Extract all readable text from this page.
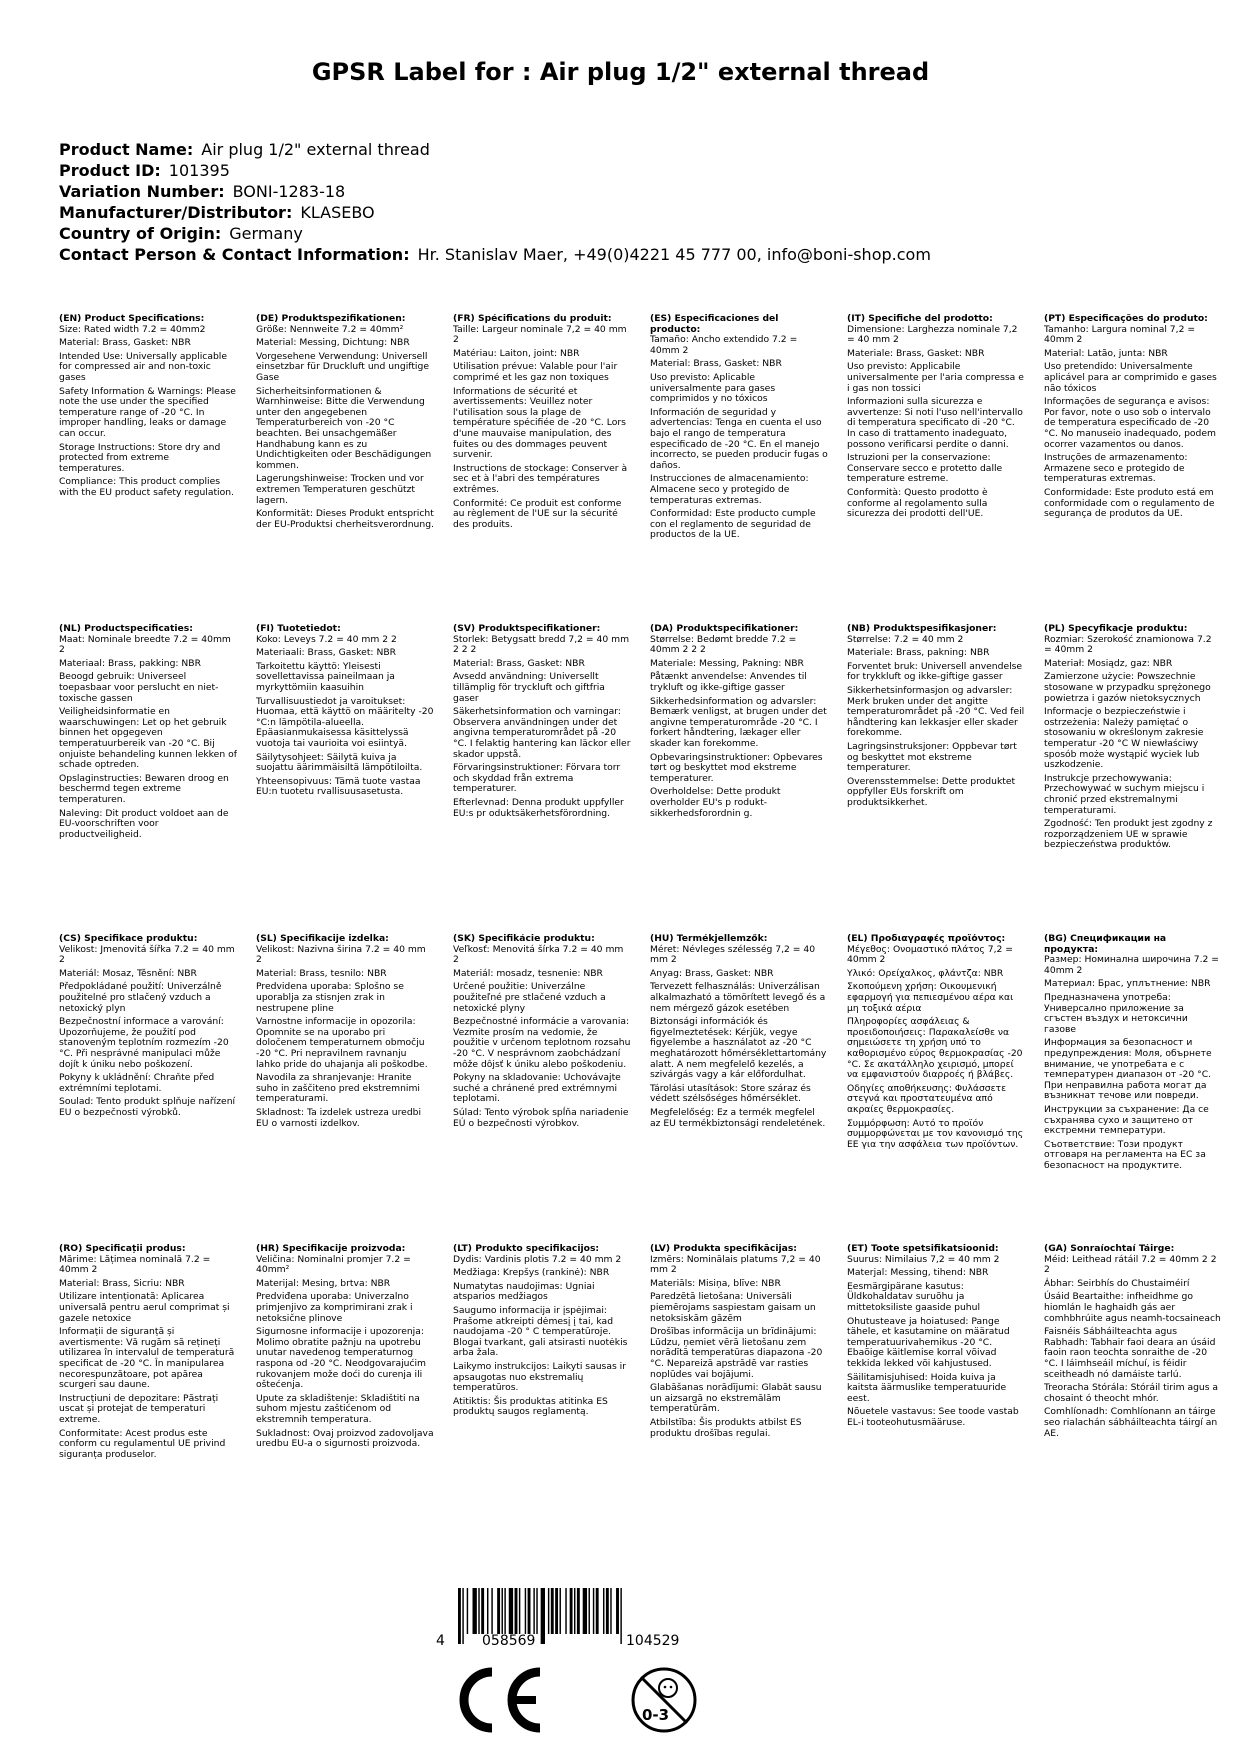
GPSR Label for : Air plug 1/2" external thread
Product Name: Air plug 1/2" external thread
Product ID: 101395
Variation Number: BONI-1283-18
Manufacturer/Distributor: KLASEBO
Country of Origin: Germany
Contact Person & Contact Information: Hr. Stanislav Maer, +49(0)4221 45 777 00, info@boni-shop.com
(EN) Product Specifications:

Size: Rated width 7.2 = 40mm2

Material: Brass, Gasket: NBR

Intended Use: Universally applicable for compressed air and non-toxic gases

Safety Information & Warnings: Please note the use under the specified temperature range of -20 °C. In improper handling, leaks or damage can occur.

Storage Instructions: Store dry and protected from extreme temperatures.

Compliance: This product complies with the EU product safety regulation.

(DE) Produktspezifikationen:

Größe: Nennweite 7.2 = 40mm²

Material: Messing, Dichtung: NBR

Vorgesehene Verwendung: Universell einsetzbar für Druckluft und ungiftige Gase

Sicherheitsinformationen & Warnhinweise: Bitte die Verwendung unter den angegebenen Temperaturbereich von -20 °C beachten. Bei unsachgemäßer Handhabung kann es zu Undichtigkeiten oder Beschädigungen kommen.

Lagerungshinweise: Trocken und vor extremen Temperaturen geschützt lagern.

Konformität: Dieses Produkt entspricht der EU-Produktsi cherheitsverordnung.

(FR) Spécifications du produit:

Taille: Largeur nominale 7,2 = 40 mm 2

Matériau: Laiton, joint: NBR

Utilisation prévue: Valable pour l'air comprimé et les gaz non toxiques

Informations de sécurité et avertissements: Veuillez noter l'utilisation sous la plage de température spécifiée de -20 °C. Lors d'une mauvaise manipulation, des fuites ou des dommages peuvent survenir.

Instructions de stockage: Conserver à sec et à l'abri des températures extrêmes.

Conformité: Ce produit est conforme au règlement de l'UE sur la sécurité des produits.

(ES) Especificaciones del producto:

Tamaño: Ancho extendido 7.2 = 40mm 2

Material: Brass, Gasket: NBR

Uso previsto: Aplicable universalmente para gases comprimidos y no tóxicos

Información de seguridad y advertencias: Tenga en cuenta el uso bajo el rango de temperatura especificado de -20 °C. En el manejo incorrecto, se pueden producir fugas o daños.

Instrucciones de almacenamiento: Almacene seco y protegido de temperaturas extremas.

Conformidad: Este producto cumple con el reglamento de seguridad de productos de la UE.

(IT) Specifiche del prodotto:

Dimensione: Larghezza nominale 7,2 = 40 mm 2

Materiale: Brass, Gasket: NBR

Uso previsto: Applicabile universalmente per l'aria compressa e i gas non tossici

Informazioni sulla sicurezza e avvertenze: Si noti l'uso nell'intervallo di temperatura specificato di -20 °C. In caso di trattamento inadeguato, possono verificarsi perdite o danni.

Istruzioni per la conservazione: Conservare secco e protetto dalle temperature estreme.

Conformità: Questo prodotto è conforme al regolamento sulla sicurezza dei prodotti dell'UE.

(PT) Especificações do produto:

Tamanho: Largura nominal 7,2 = 40mm 2

Material: Latão, junta: NBR

Uso pretendido: Universalmente aplicável para ar comprimido e gases não tóxicos

Informações de segurança e avisos: Por favor, note o uso sob o intervalo de temperatura especificado de -20 °C. No manuseio inadequado, podem ocorrer vazamentos ou danos.

Instruções de armazenamento: Armazene seco e protegido de temperaturas extremas.

Conformidade: Este produto está em conformidade com o regulamento de segurança de produtos da UE.

(NL) Productspecificaties:

Maat: Nominale breedte 7.2 = 40mm 2

Materiaal: Brass, pakking: NBR

Beoogd gebruik: Universeel toepasbaar voor perslucht en niet-toxische gassen

Veiligheidsinformatie en waarschuwingen: Let op het gebruik binnen het opgegeven temperatuurbereik van -20 °C. Bij onjuiste behandeling kunnen lekken of schade optreden.

Opslaginstructies: Bewaren droog en beschermd tegen extreme temperaturen.

Naleving: Dit product voldoet aan de EU-voorschriften voor productveiligheid.

(FI) Tuotetiedot:

Koko: Leveys 7.2 = 40 mm 2 2

Materiaali: Brass, Gasket: NBR

Tarkoitettu käyttö: Yleisesti sovellettavissa paineilmaan ja myrkyttömiin kaasuihin

Turvallisuustiedot ja varoitukset: Huomaa, että käyttö on määritelty -20 °C:n lämpötila-alueella. Epäasianmukaisessa käsittelyssä vuotoja tai vaurioita voi esiintyä.

Säilytysohjeet: Säilytä kuiva ja suojattu äärimmäisiltä lämpötiloilta.

Yhteensopivuus: Tämä tuote vastaa EU:n tuotetu rvallisuusasetusta.

(SV) Produktspecifikationer:

Storlek: Betygsatt bredd 7,2 = 40 mm 2 2 2

Material: Brass, Gasket: NBR

Avsedd användning: Universellt tillämplig för tryckluft och giftfria gaser

Säkerhetsinformation och varningar: Observera användningen under det angivna temperaturområdet på -20 °C. I felaktig hantering kan läckor eller skador uppstå.

Förvaringsinstruktioner: Förvara torr och skyddad från extrema temperaturer.

Efterlevnad: Denna produkt uppfyller EU:s pr oduktsäkerhetsförordning.

(DA) Produktspecifikationer:

Størrelse: Bedømt bredde 7.2 = 40mm 2 2 2

Materiale: Messing, Pakning: NBR

Påtænkt anvendelse: Anvendes til trykluft og ikke-giftige gasser

Sikkerhedsinformation og advarsler: Bemærk venligst, at brugen under det angivne temperaturområde -20 °C. I forkert håndtering, lækager eller skader kan forekomme.

Opbevaringsinstruktioner: Opbevares tørt og beskyttet mod ekstreme temperaturer.

Overholdelse: Dette produkt overholder EU's p roduktsikkerhedsforordnin g.

(NB) Produktspesifikasjoner:

Størrelse: 7.2 = 40 mm 2

Materiale: Brass, pakning: NBR

Forventet bruk: Universell anvendelse for trykkluft og ikke-giftige gasser

Sikkerhetsinformasjon og advarsler: Merk bruken under det angitte temperaturområdet på -20 °C. Ved feil håndtering kan lekkasjer eller skader forekomme.

Lagringsinstruksjoner: Oppbevar tørt og beskyttet mot ekstreme temperaturer.

Overensstemmelse: Dette produktet oppfyller EUs forskrift om produktsikkerhet.

(PL) Specyfikacje produktu:

Rozmiar: Szerokość znamionowa 7.2 = 40mm 2

Materiał: Mosiądz, gaz: NBR

Zamierzone użycie: Powszechnie stosowane w przypadku sprężonego powietrza i gazów nietoksycznych

Informacje o bezpieczeństwie i ostrzeżenia: Należy pamiętać o stosowaniu w określonym zakresie temperatur -20 °C W niewłaściwy sposób może wystąpić wyciek lub uszkodzenie.

Instrukcje przechowywania: Przechowywać w suchym miejscu i chronić przed ekstremalnymi temperaturami.

Zgodność: Ten produkt jest zgodny z rozporządzeniem UE w sprawie bezpieczeństwa produktów.

(CS) Specifikace produktu:

Velikost: Jmenovitá šířka 7.2 = 40 mm 2

Materiál: Mosaz, Těsnění: NBR

Předpokládané použití: Univerzálně použitelné pro stlačený vzduch a netoxický plyn

Bezpečnostní informace a varování: Upozorňujeme, že použití pod stanoveným teplotním rozmezím -20 °C. Při nesprávné manipulaci může dojít k úniku nebo poškození.

Pokyny k ukládnění: Chraňte před extrémními teplotami.

Soulad: Tento produkt splňuje nařízení EU o bezpečnosti výrobků.

(SL) Specifikacije izdelka:

Velikost: Nazivna širina 7.2 = 40 mm 2

Material: Brass, tesnilo: NBR

Predvidena uporaba: Splošno se uporablja za stisnjen zrak in nestrupene pline

Varnostne informacije in opozorila: Opomnite se na uporabo pri določenem temperaturnem območju -20 °C. Pri nepravilnem ravnanju lahko pride do uhajanja ali poškodbe.

Navodila za shranjevanje: Hranite suho in zaščiteno pred ekstremnimi temperaturami.

Skladnost: Ta izdelek ustreza uredbi EU o varnosti izdelkov.

(SK) Špecifikácie produktu:

Veľkosť: Menovitá šírka 7.2 = 40 mm 2

Materiál: mosadz, tesnenie: NBR

Určené použitie: Univerzálne použiteľné pre stlačené vzduch a netoxické plyny

Bezpečnostné informácie a varovania: Vezmite prosím na vedomie, že použitie v určenom teplotnom rozsahu -20 °C. V nesprávnom zaobchádzaní môže dôjsť k úniku alebo poškodeniu.

Pokyny na skladovanie: Uchovávajte suché a chránené pred extrémnymi teplotami.

Súlad: Tento výrobok spĺňa nariadenie EÚ o bezpečnosti výrobkov.

(HU) Termékjellemzők:

Méret: Névleges szélesség 7,2 = 40 mm 2

Anyag: Brass, Gasket: NBR

Tervezett felhasználás: Univerzálisan alkalmazható a tömörített levegő és a nem mérgező gázok esetében

Biztonsági információk és figyelmeztetések: Kérjük, vegye figyelembe a használatot az -20 °C meghatározott hőmérséklettartomány alatt. A nem megfelelő kezelés, a szivárgás vagy a kár előfordulhat.

Tárolási utasítások: Store száraz és védett szélsőséges hőmérséklet.

Megfelelőség: Ez a termék megfelel az EU termékbiztonsági rendeletének.

(EL) Προδιαγραφές προϊόντος:

Μέγεθος: Ονομαστικό πλάτος 7,2 = 40mm 2

Υλικό: Ορείχαλκος, φλάντζα: NBR

Σκοπούμενη χρήση: Οικουμενική εφαρμογή για πεπιεσμένου αέρα και μη τοξικά αέρια

Πληροφορίες ασφάλειας & προειδοποιήσεις: Παρακαλείσθε να σημειώσετε τη χρήση υπό το καθορισμένο εύρος θερμοκρασίας -20 °C. Σε ακατάλληλο χειρισμό, μπορεί να εμφανιστούν διαρροές ή βλάβες.

Οδηγίες αποθήκευσης: Φυλάσσετε στεγνά και προστατευμένα από ακραίες θερμοκρασίες.

Συμμόρφωση: Αυτό το προϊόν συμμορφώνεται με τον κανονισμό της ΕΕ για την ασφάλεια των προϊόντων.

(BG) Спецификации на продукта:

Размер: Номинална широчина 7.2 = 40mm 2

Материал: Брас, уплътнение: NBR

Предназначена употреба: Универсално приложение за сгъстен въздух и нетоксични газове

Информация за безопасност и предупреждения: Моля, обърнете внимание, че употребата е с температурен диапазон от -20 °C. При неправилна работа могат да възникнат течове или повреди.

Инструкции за съхранение: Да се съхранява сухо и защитено от екстремни температури.

Съответствие: Този продукт отговаря на регламента на ЕС за безопасност на продуктите.

(RO) Specificații produs:

Mărime: Lățimea nominală 7.2 = 40mm 2

Material: Brass, Sicriu: NBR

Utilizare intenționată: Aplicarea universală pentru aerul comprimat și gazele netoxice

Informații de siguranță și avertismente: Vă rugăm să rețineți utilizarea în intervalul de temperatură specificat de -20 °C. În manipularea necorespunzătoare, pot apărea scurgeri sau daune.

Instrucțiuni de depozitare: Păstrați uscat și protejat de temperaturi extreme.

Conformitate: Acest produs este conform cu regulamentul UE privind siguranța produselor.

(HR) Specifikacije proizvoda:

Veličina: Nominalni promjer 7.2 = 40mm²

Materijal: Mesing, brtva: NBR

Predviđena uporaba: Univerzalno primjenjivo za komprimirani zrak i netoksične plinove

Sigurnosne informacije i upozorenja: Molimo obratite pažnju na upotrebu unutar navedenog temperaturnog raspona od -20 °C. Neodgovarajućim rukovanjem može doći do curenja ili oštećenja.

Upute za skladištenje: Skladištiti na suhom mjestu zaštićenom od ekstremnih temperatura.

Sukladnost: Ovaj proizvod zadovoljava uredbu EU-a o sigurnosti proizvoda.

(LT) Produkto specifikacijos:

Dydis: Vardinis plotis 7.2 = 40 mm 2

Medžiaga: Krepšys (rankinė): NBR

Numatytas naudojimas: Ugniai atsparios medžiagos

Saugumo informacija ir įspėjimai: Prašome atkreipti dėmesį į tai, kad naudojama -20 ° C temperatūroje. Blogai tvarkant, gali atsirasti nuotėkis arba žala.

Laikymo instrukcijos: Laikyti sausas ir apsaugotas nuo ekstremalių temperatūros.

Atitiktis: Šis produktas atitinka ES produktų saugos reglamentą.

(LV) Produkta specifikācijas:

Izmērs: Nominālais platums 7,2 = 40 mm 2

Materiāls: Misiņa, blīve: NBR

Paredzētā lietošana: Universāli piemērojams saspiestam gaisam un netoksiskām gāzēm

Drošības informācija un brīdinājumi: Lūdzu, ņemiet vērā lietošanu zem norādītā temperatūras diapazona -20 °C. Nepareizā apstrādē var rasties noplūdes vai bojājumi.

Glabāšanas norādījumi: Glabāt sausu un aizsargā no ekstremālām temperatūrām.

Atbilstība: Šis produkts atbilst ES produktu drošības regulai.

(ET) Toote spetsifikatsioonid:

Suurus: Nimilaius 7,2 = 40 mm 2

Materjal: Messing, tihend: NBR

Eesmärgipärane kasutus: Üldkohaldatav suruõhu ja mittetoksiliste gaaside puhul

Ohutusteave ja hoiatused: Pange tähele, et kasutamine on määratud temperatuurivahemikus -20 °C. Ebaõige käitlemise korral võivad tekkida lekked või kahjustused.

Säilitamisjuhised: Hoida kuiva ja kaitsta äärmuslike temperatuuride eest.

Nõuetele vastavus: See toode vastab EL-i tooteohutusmääruse.

(GA) Sonraíochtaí Táirge:

Méid: Leithead rátáil 7.2 = 40mm 2 2 2

Ábhar: Seirbhís do Chustaiméirí

Úsáid Beartaithe: infheidhme go hiomlán le haghaidh gás aer comhbhrúite agus neamh-tocsaineach

Faisnéis Sábháilteachta agus Rabhadh: Tabhair faoi deara an úsáid faoin raon teochta sonraithe de -20 °C. I láimhseáil míchuí, is féidir sceitheadh nó damáiste tarlú.

Treoracha Stórála: Stóráil tirim agus a chosaint ó theocht mhór.

Comhlíonadh: Comhlíonann an táirge seo rialachán sábháilteachta táirgí an AE.

4	058569	104529
0-3
